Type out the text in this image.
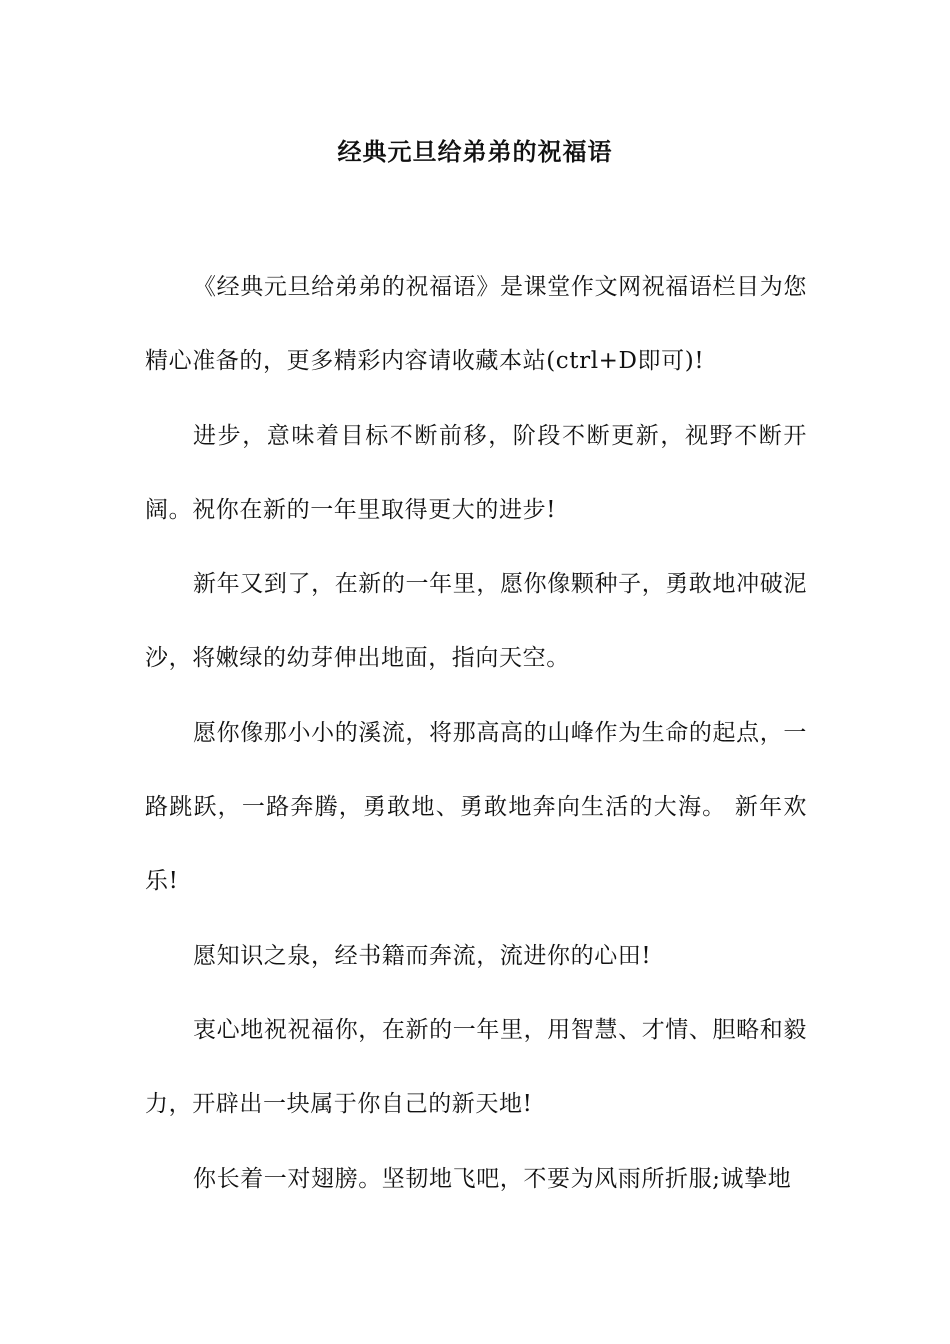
经典元旦给弟弟的祝福语

《经典元旦给弟弟的祝福语》是课堂作文网祝福语栏目为您精心准备的，更多精彩内容请收藏本站(ctrl+D即可)!

进步，意味着目标不断前移，阶段不断更新，视野不断开阔。祝你在新的一年里取得更大的进步!

新年又到了，在新的一年里，愿你像颗种子，勇敢地冲破泥沙，将嫩绿的幼芽伸出地面，指向天空。

愿你像那小小的溪流，将那高高的山峰作为生命的起点，一路跳跃，一路奔腾，勇敢地、勇敢地奔向生活的大海。 新年欢乐!

愿知识之泉，经书籍而奔流，流进你的心田!

衷心地祝祝福你，在新的一年里，用智慧、才情、胆略和毅力，开辟出一块属于你自己的新天地!

你长着一对翅膀。坚韧地飞吧，不要为风雨所折服;诚挚地
